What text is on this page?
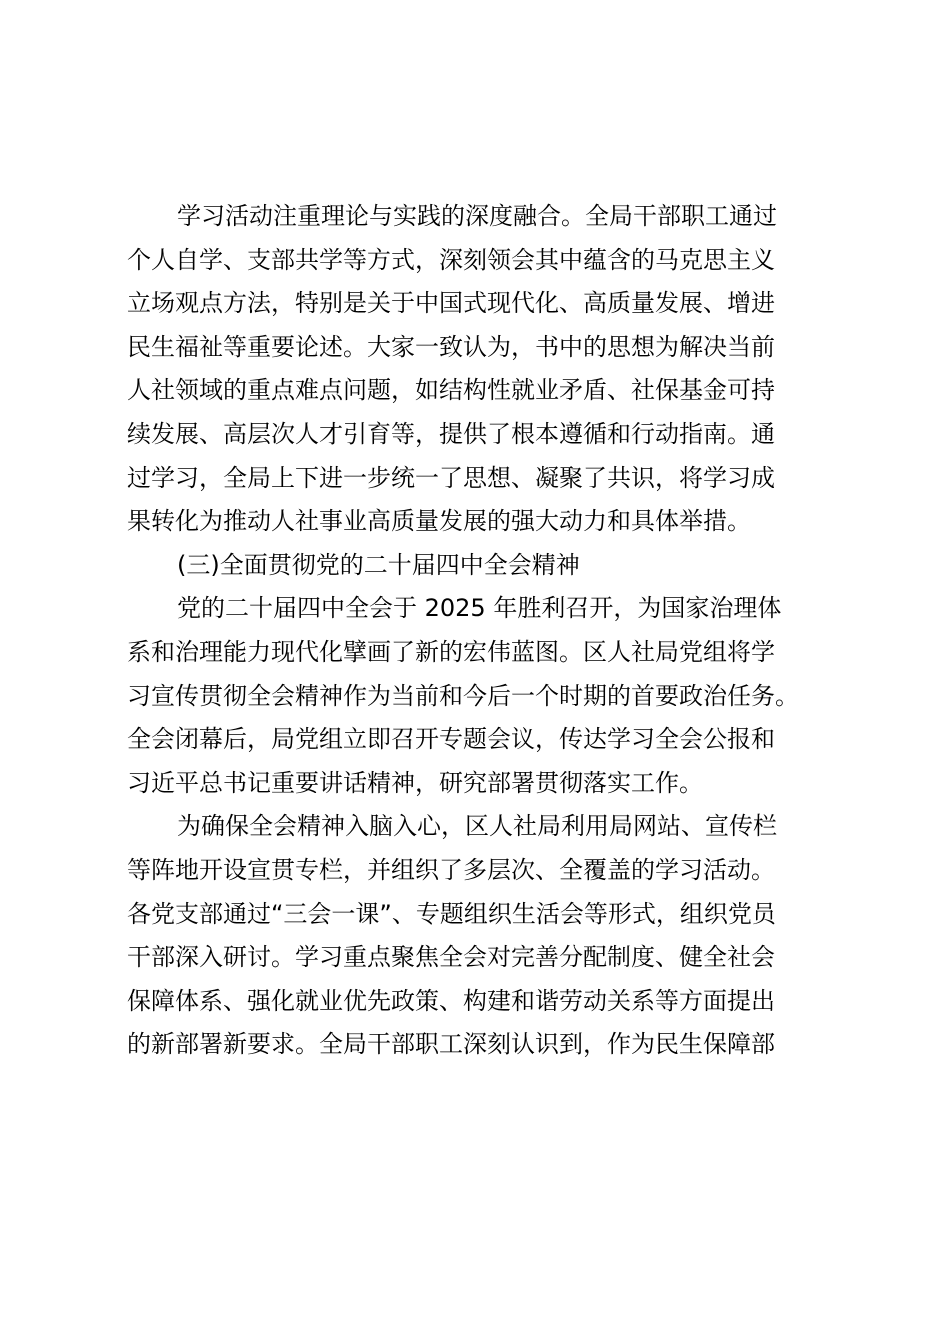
学习活动注重理论与实践的深度融合。全局干部职工通过
个人自学、支部共学等方式，深刻领会其中蕴含的马克思主义
立场观点方法，特别是关于中国式现代化、高质量发展、增进
民生福祉等重要论述。大家一致认为，书中的思想为解决当前
人社领域的重点难点问题，如结构性就业矛盾、社保基金可持
续发展、高层次人才引育等，提供了根本遵循和行动指南。通
过学习，全局上下进一步统一了思想、凝聚了共识，将学习成
果转化为推动人社事业高质量发展的强大动力和具体举措。
(三)全面贯彻党的二十届四中全会精神
党的二十届四中全会于 2025 年胜利召开，为国家治理体
系和治理能力现代化擘画了新的宏伟蓝图。区人社局党组将学
习宣传贯彻全会精神作为当前和今后一个时期的首要政治任务。
全会闭幕后，局党组立即召开专题会议，传达学习全会公报和
习近平总书记重要讲话精神，研究部署贯彻落实工作。
为确保全会精神入脑入心，区人社局利用局网站、宣传栏
等阵地开设宣贯专栏，并组织了多层次、全覆盖的学习活动。
各党支部通过“三会一课”、专题组织生活会等形式，组织党员
干部深入研讨。学习重点聚焦全会对完善分配制度、健全社会
保障体系、强化就业优先政策、构建和谐劳动关系等方面提出
的新部署新要求。全局干部职工深刻认识到，作为民生保障部
